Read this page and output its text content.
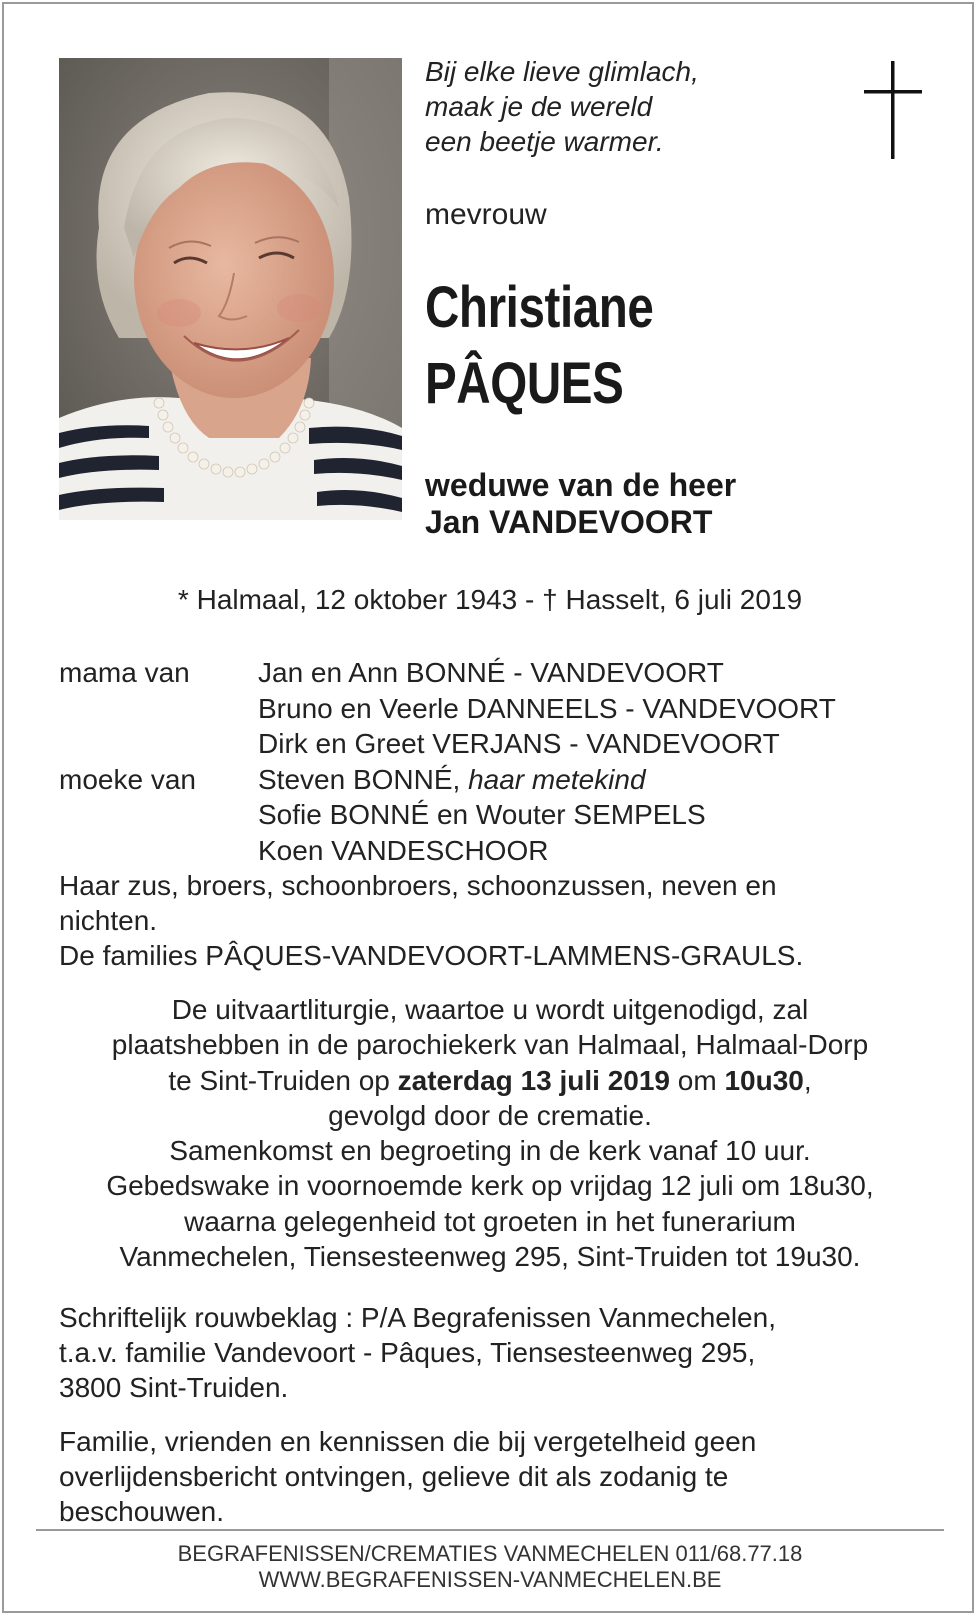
Bij elke lieve glimlach,
maak je de wereld
een beetje warmer.
mevrouw
Christiane
PÂQUES
weduwe van de heer
Jan VANDEVOORT
* Halmaal, 12 oktober 1943 - † Hasselt, 6 juli 2019
mama van Jan en Ann BONNÉ - VANDEVOORT
Bruno en Veerle DANNEELS - VANDEVOORT
Dirk en Greet VERJANS - VANDEVOORT
moeke van Steven BONNÉ, haar metekind
Sofie BONNÉ en Wouter SEMPELS
Koen VANDESCHOOR
Haar zus, broers, schoonbroers, schoonzussen, neven en
nichten.
De families PÂQUES-VANDEVOORT-LAMMENS-GRAULS.
De uitvaartliturgie, waartoe u wordt uitgenodigd, zal
plaatshebben in de parochiekerk van Halmaal, Halmaal-Dorp
te Sint-Truiden op zaterdag 13 juli 2019 om 10u30,
gevolgd door de crematie.
Samenkomst en begroeting in de kerk vanaf 10 uur.
Gebedswake in voornoemde kerk op vrijdag 12 juli om 18u30,
waarna gelegenheid tot groeten in het funerarium
Vanmechelen, Tiensesteenweg 295, Sint-Truiden tot 19u30.
Schriftelijk rouwbeklag : P/A Begrafenissen Vanmechelen,
t.a.v. familie Vandevoort - Pâques, Tiensesteenweg 295,
3800 Sint-Truiden.
Familie, vrienden en kennissen die bij vergetelheid geen
overlijdensbericht ontvingen, gelieve dit als zodanig te
beschouwen.
BEGRAFENISSEN/CREMATIES VANMECHELEN 011/68.77.18
WWW.BEGRAFENISSEN-VANMECHELEN.BE
